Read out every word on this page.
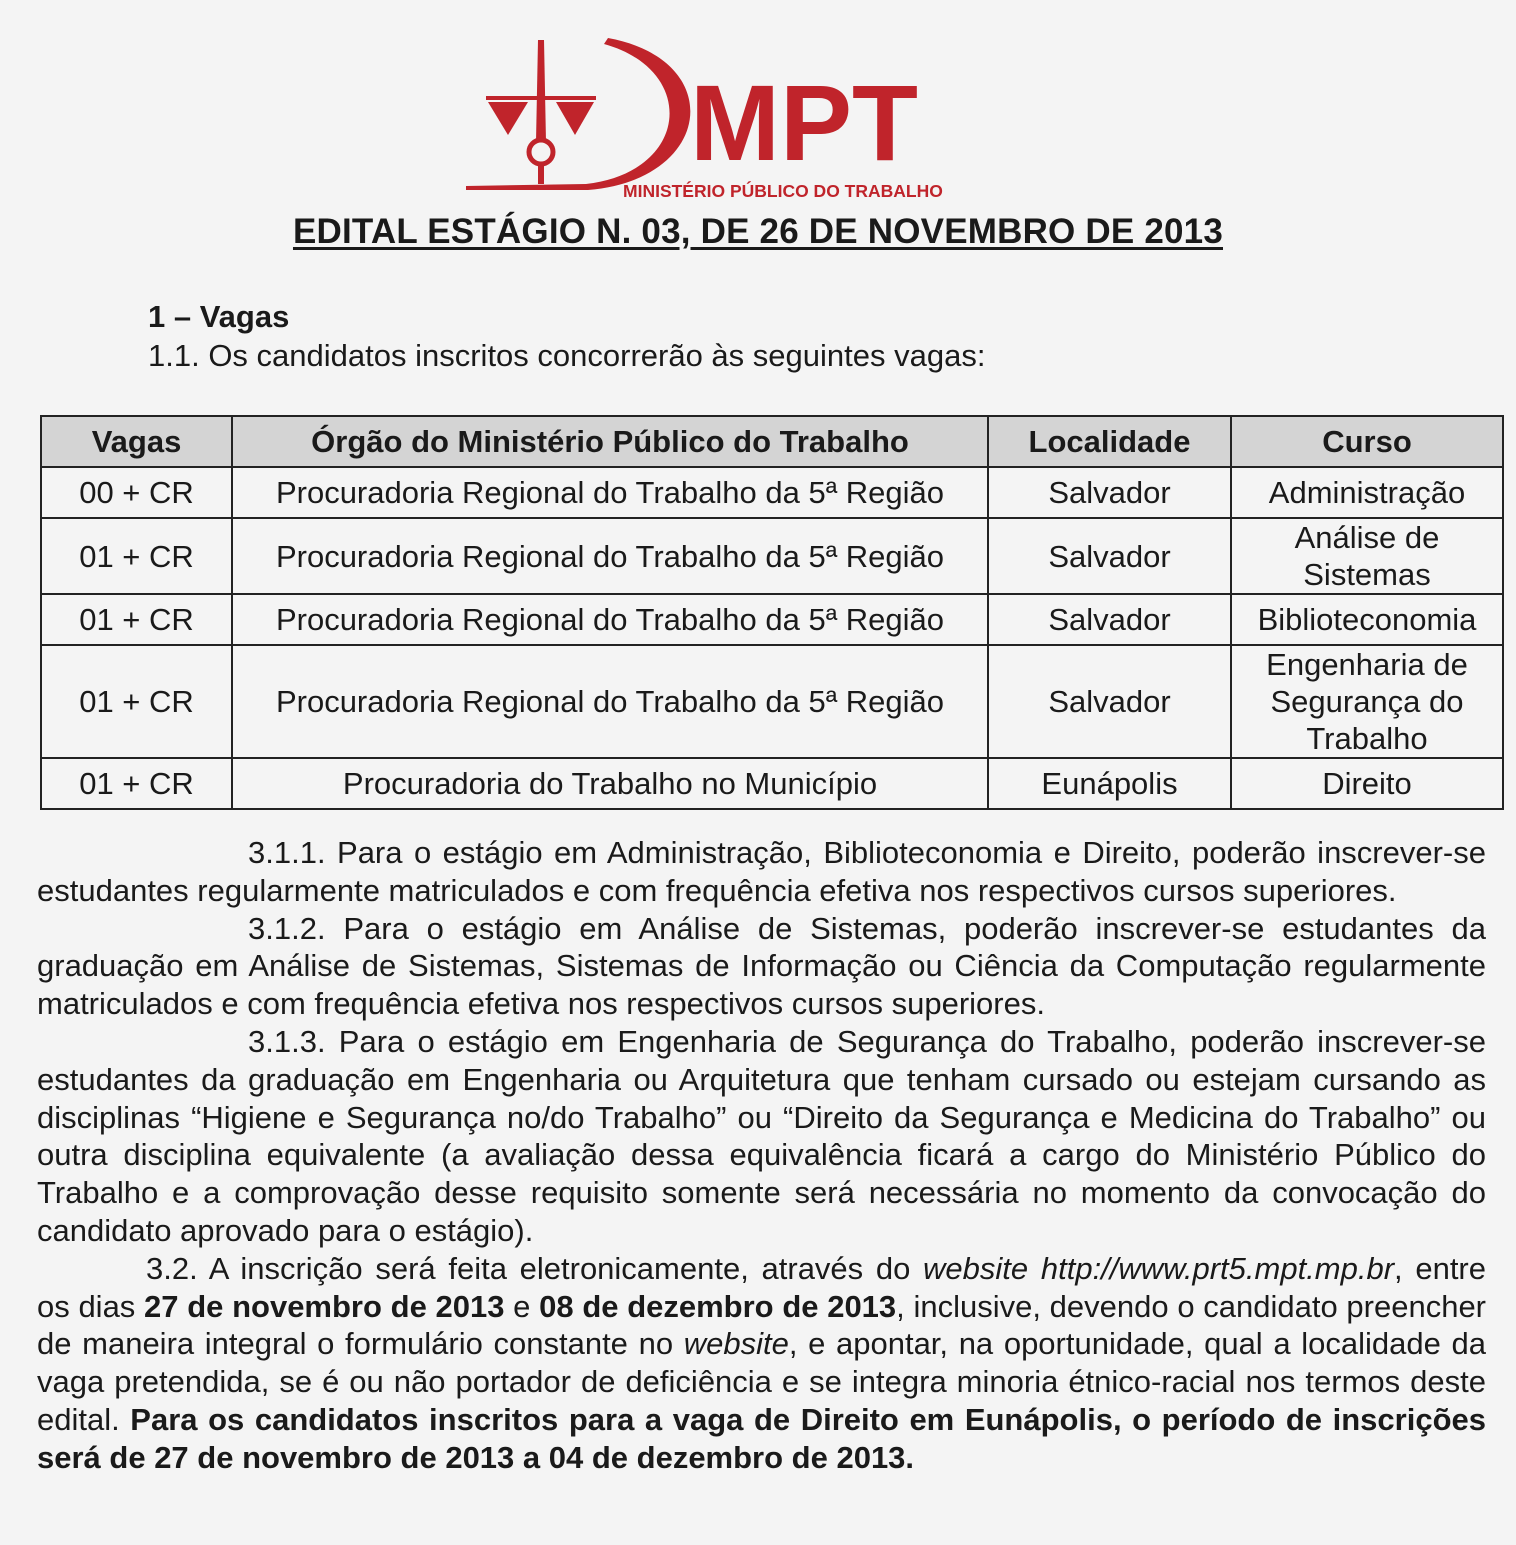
MPT
MINISTÉRIO PÚBLICO DO TRABALHO
EDITAL ESTÁGIO N. 03, DE 26 DE NOVEMBRO DE 2013
1 – Vagas
1.1. Os candidatos inscritos concorrerão às seguintes vagas:
Vagas	Órgão do Ministério Público do Trabalho	Localidade	Curso
00 + CR	Procuradoria Regional do Trabalho da 5ª Região	Salvador	Administração
01 + CR	Procuradoria Regional do Trabalho da 5ª Região	Salvador	Análise de Sistemas
01 + CR	Procuradoria Regional do Trabalho da 5ª Região	Salvador	Biblioteconomia
01 + CR	Procuradoria Regional do Trabalho da 5ª Região	Salvador	Engenharia de Segurança do Trabalho
01 + CR	Procuradoria do Trabalho no Município	Eunápolis	Direito

3.1.1. Para o estágio em Administração, Biblioteconomia e Direito, poderão inscrever-se estudantes regularmente matriculados e com frequência efetiva nos respectivos cursos superiores.

3.1.2. Para o estágio em Análise de Sistemas, poderão inscrever-se estudantes da graduação em Análise de Sistemas, Sistemas de Informação ou Ciência da Computação regularmente matriculados e com frequência efetiva nos respectivos cursos superiores.

3.1.3. Para o estágio em Engenharia de Segurança do Trabalho, poderão inscrever-se estudantes da graduação em Engenharia ou Arquitetura que tenham cursado ou estejam cursando as disciplinas “Higiene e Segurança no/do Trabalho” ou “Direito da Segurança e Medicina do Trabalho” ou outra disciplina equivalente (a avaliação dessa equivalência ficará a cargo do Ministério Público do Trabalho e a comprovação desse requisito somente será necessária no momento da convocação do candidato aprovado para o estágio).

3.2. A inscrição será feita eletronicamente, através do website http://www.prt5.mpt.mp.br, entre os dias 27 de novembro de 2013 e 08 de dezembro de 2013, inclusive, devendo o candidato preencher de maneira integral o formulário constante no website, e apontar, na oportunidade, qual a localidade da vaga pretendida, se é ou não portador de deficiência e se integra minoria étnico-racial nos termos deste edital. Para os candidatos inscritos para a vaga de Direito em Eunápolis, o período de inscrições será de 27 de novembro de 2013 a 04 de dezembro de 2013.
